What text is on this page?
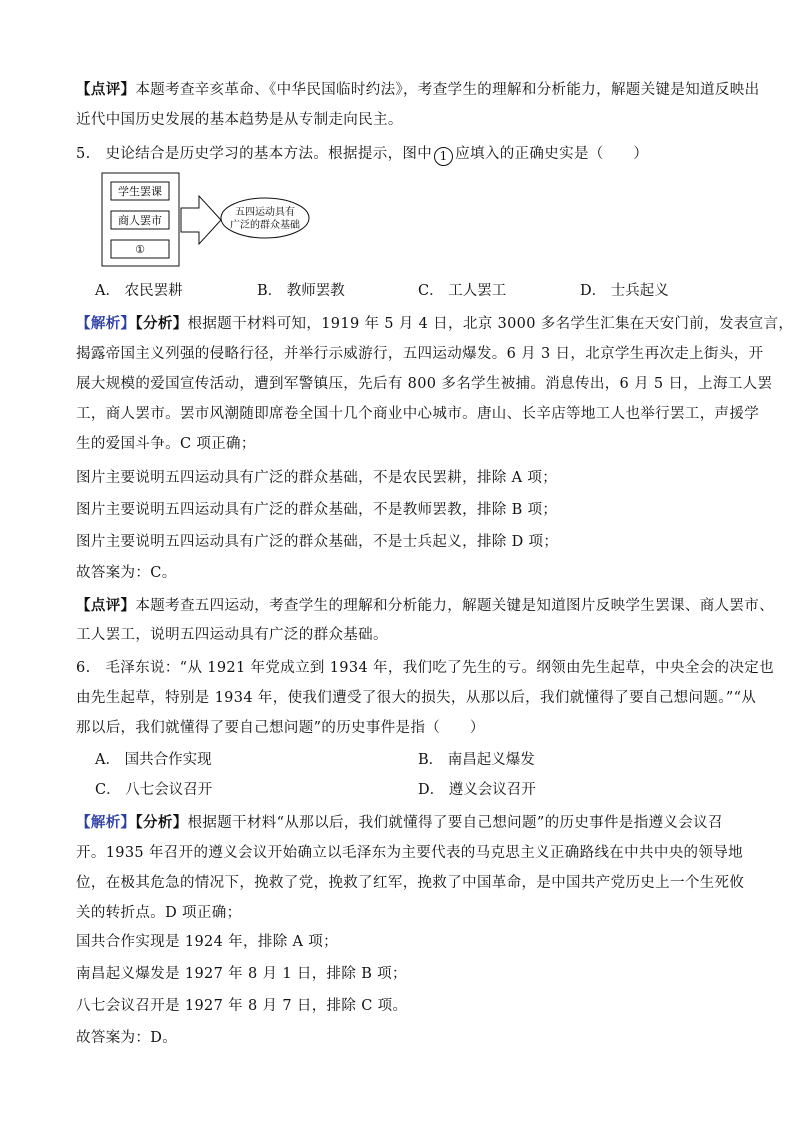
【点评】本题考查辛亥革命、《中华民国临时约法》，考查学生的理解和分析能力，解题关键是知道反映出
近代中国历史发展的基本趋势是从专制走向民主。
5. 史论结合是历史学习的基本方法。根据提示，图中 1 应填入的正确史实是（　　）
学生罢课
商人罢市
①
五四运动具有
广泛的群众基础
A． 农民罢耕	B． 教师罢教	C． 工人罢工	D． 士兵起义
【解析】【分析】根据题干材料可知，1919 年 5 月 4 日，北京 3000 多名学生汇集在天安门前，发表宣言，
揭露帝国主义列强的侵略行径，并举行示威游行，五四运动爆发。6 月 3 日，北京学生再次走上街头，开
展大规模的爱国宣传活动，遭到军警镇压，先后有 800 多名学生被捕。消息传出，6 月 5 日，上海工人罢
工，商人罢市。罢市风潮随即席卷全国十几个商业中心城市。唐山、长辛店等地工人也举行罢工，声援学
生的爱国斗争。C 项正确；
图片主要说明五四运动具有广泛的群众基础，不是农民罢耕，排除 A 项；
图片主要说明五四运动具有广泛的群众基础，不是教师罢教，排除 B 项；
图片主要说明五四运动具有广泛的群众基础，不是士兵起义，排除 D 项；
故答案为：C。
【点评】本题考查五四运动，考查学生的理解和分析能力，解题关键是知道图片反映学生罢课、商人罢市、
工人罢工，说明五四运动具有广泛的群众基础。
6. 毛泽东说：“从 1921 年党成立到 1934 年，我们吃了先生的亏。纲领由先生起草，中央全会的决定也
由先生起草，特别是 1934 年，使我们遭受了很大的损失，从那以后，我们就懂得了要自己想问题。”“从
那以后，我们就懂得了要自己想问题”的历史事件是指（　　）
A． 国共合作实现	B． 南昌起义爆发
C． 八七会议召开	D． 遵义会议召开
【解析】【分析】根据题干材料“从那以后，我们就懂得了要自己想问题”的历史事件是指遵义会议召开。1935 年召开的遵义会议开始确立以毛泽东为主要代表的马克思主义正确路线在中共中央的领导地位，在极其危急的情况下，挽救了党，挽救了红军，挽救了中国革命，是中国共产党历史上一个生死攸关的转折点。D 项正确；
国共合作实现是 1924 年，排除 A 项；
南昌起义爆发是 1927 年 8 月 1 日，排除 B 项；
八七会议召开是 1927 年 8 月 7 日，排除 C 项。
故答案为：D。
